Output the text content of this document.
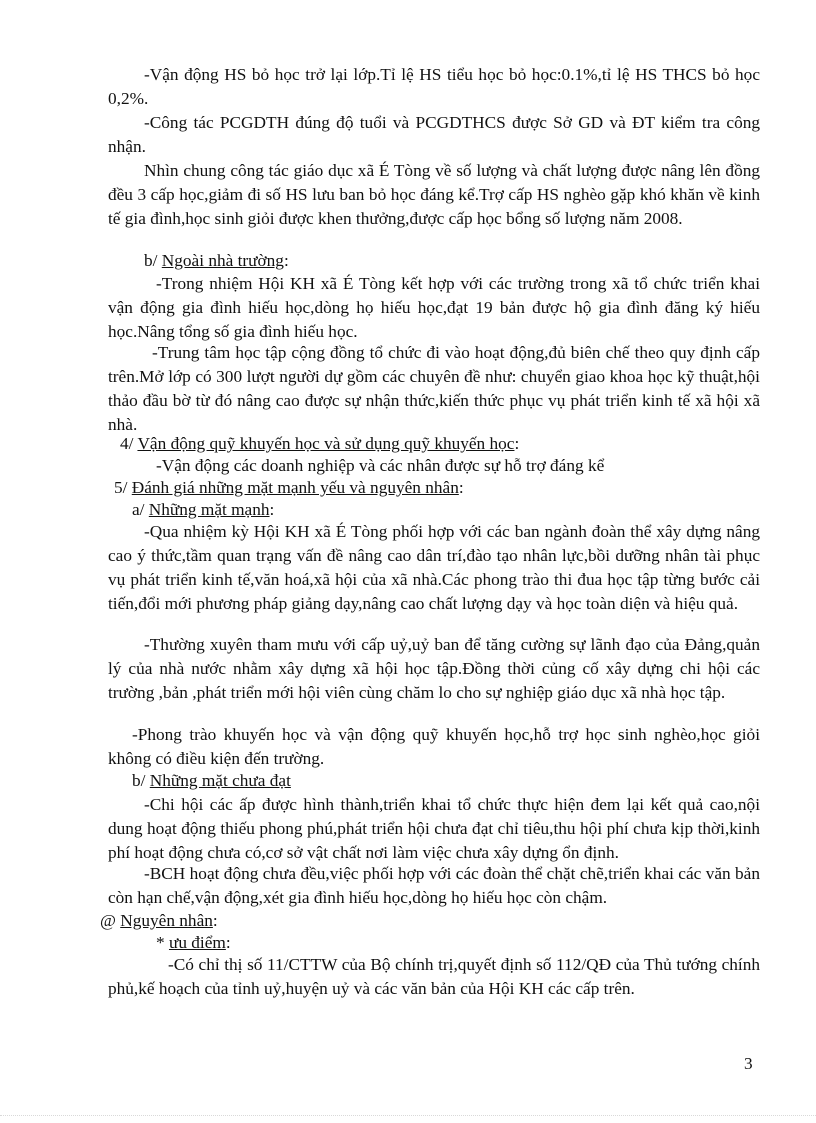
-Vận động HS bỏ học trở lại lớp.Tỉ lệ HS tiểu học bỏ học:0.1%,tỉ lệ HS THCS bỏ học 0,2%.

-Công tác PCGDTH đúng độ tuổi và PCGDTHCS được Sở GD và ĐT kiểm tra công nhận.

Nhìn chung công tác giáo dục xã É Tòng về số lượng và chất lượng được nâng lên đồng đều 3 cấp học,giảm đi số HS lưu ban bỏ học đáng kể.Trợ cấp HS nghèo gặp khó khăn về kinh tế gia đình,học sinh giỏi được khen thưởng,được cấp học bổng số lượng năm 2008.

b/ Ngoài nhà trường:

-Trong nhiệm Hội KH xã É Tòng kết hợp với các trường trong xã tổ chức triển khai vận động gia đình hiếu học,dòng họ hiếu học,đạt 19 bản được hộ gia đình đăng ký hiếu học.Nâng tổng số gia đình hiếu học.

-Trung tâm học tập cộng đồng tổ chức đi vào hoạt động,đủ biên chế theo quy định cấp trên.Mở lớp có 300 lượt người dự gồm các chuyên đề như: chuyển giao khoa học kỹ thuật,hội thảo đầu bờ từ đó nâng cao được sự nhận thức,kiến thức phục vụ phát triển kinh tế xã hội xã nhà.

4/ Vận động quỹ khuyến học và sử dụng quỹ khuyến học:

-Vận động các doanh nghiệp và các nhân được sự hỗ trợ đáng kể

5/ Đánh giá những mặt mạnh yếu và nguyên nhân:

a/ Những mặt mạnh:

-Qua nhiệm kỳ Hội KH xã É Tòng phối hợp với các ban ngành đoàn thể xây dựng nâng cao ý thức,tầm quan trạng vấn đề nâng cao dân trí,đào tạo nhân lực,bồi dưỡng nhân tài phục vụ phát triển kinh tế,văn hoá,xã hội của xã nhà.Các phong trào thi đua học tập từng bước cải tiến,đổi mới phương pháp giảng dạy,nâng cao chất lượng dạy và học toàn diện và hiệu quả.

-Thường xuyên tham mưu với cấp uỷ,uỷ ban để tăng cường sự lãnh đạo của Đảng,quản lý của nhà nước nhằm xây dựng xã hội học tập.Đồng thời củng cố xây dựng chi hội các trường ,bản ,phát triển mới hội viên cùng chăm lo cho sự nghiệp giáo dục xã nhà học tập.

-Phong trào khuyến học và vận động quỹ khuyến học,hỗ trợ học sinh nghèo,học giỏi không có điều kiện đến trường.

b/ Những mặt chưa đạt

-Chi hội các ấp được hình thành,triển khai tổ chức thực hiện đem lại kết quả cao,nội dung hoạt động thiếu phong phú,phát triển hội chưa đạt chỉ tiêu,thu hội phí chưa kịp thời,kinh phí hoạt động chưa có,cơ sở vật chất nơi làm việc chưa xây dựng ổn định.

-BCH hoạt động chưa đều,việc phối hợp với các đoàn thể chặt chẽ,triển khai các văn bản còn hạn chế,vận động,xét gia đình hiếu học,dòng họ hiếu học còn chậm.

@ Nguyên nhân:

* ưu điểm:

-Có chỉ thị số 11/CTTW của Bộ chính trị,quyết định số 112/QĐ của Thủ tướng chính phủ,kế hoạch của tỉnh uỷ,huyện uỷ và các văn bản của Hội KH các cấp trên.

3
